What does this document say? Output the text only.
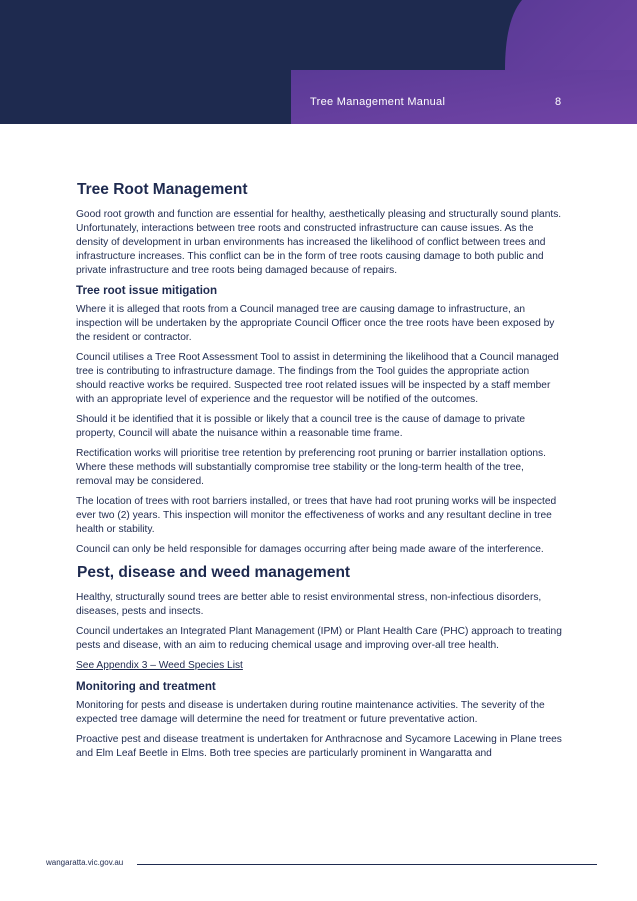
Tree Management Manual	8
Tree Root Management

Good root growth and function are essential for healthy, aesthetically pleasing and structurally sound plants. Unfortunately, interactions between tree roots and constructed infrastructure can cause issues. As the density of development in urban environments has increased the likelihood of conflict between trees and infrastructure increases. This conflict can be in the form of tree roots causing damage to both public and private infrastructure and tree roots being damaged because of repairs.

Tree root issue mitigation

Where it is alleged that roots from a Council managed tree are causing damage to infrastructure, an inspection will be undertaken by the appropriate Council Officer once the tree roots have been exposed by the resident or contractor.

Council utilises a Tree Root Assessment Tool to assist in determining the likelihood that a Council managed tree is contributing to infrastructure damage. The findings from the Tool guides the appropriate action should reactive works be required. Suspected tree root related issues will be inspected by a staff member with an appropriate level of experience and the requestor will be notified of the outcomes.

Should it be identified that it is possible or likely that a council tree is the cause of damage to private property, Council will abate the nuisance within a reasonable time frame.

Rectification works will prioritise tree retention by preferencing root pruning or barrier installation options. Where these methods will substantially compromise tree stability or the long-term health of the tree, removal may be considered.

The location of trees with root barriers installed, or trees that have had root pruning works will be inspected ever two (2) years. This inspection will monitor the effectiveness of works and any resultant decline in tree health or stability.

Council can only be held responsible for damages occurring after being made aware of the interference.

Pest, disease and weed management

Healthy, structurally sound trees are better able to resist environmental stress, non-infectious disorders, diseases, pests and insects.

Council undertakes an Integrated Plant Management (IPM) or Plant Health Care (PHC) approach to treating pests and disease, with an aim to reducing chemical usage and improving over-all tree health.

See Appendix 3 – Weed Species List
Monitoring and treatment

Monitoring for pests and disease is undertaken during routine maintenance activities. The severity of the expected tree damage will determine the need for treatment or future preventative action.

Proactive pest and disease treatment is undertaken for Anthracnose and Sycamore Lacewing in Plane trees and Elm Leaf Beetle in Elms. Both tree species are particularly prominent in Wangaratta and

wangaratta.vic.gov.au
